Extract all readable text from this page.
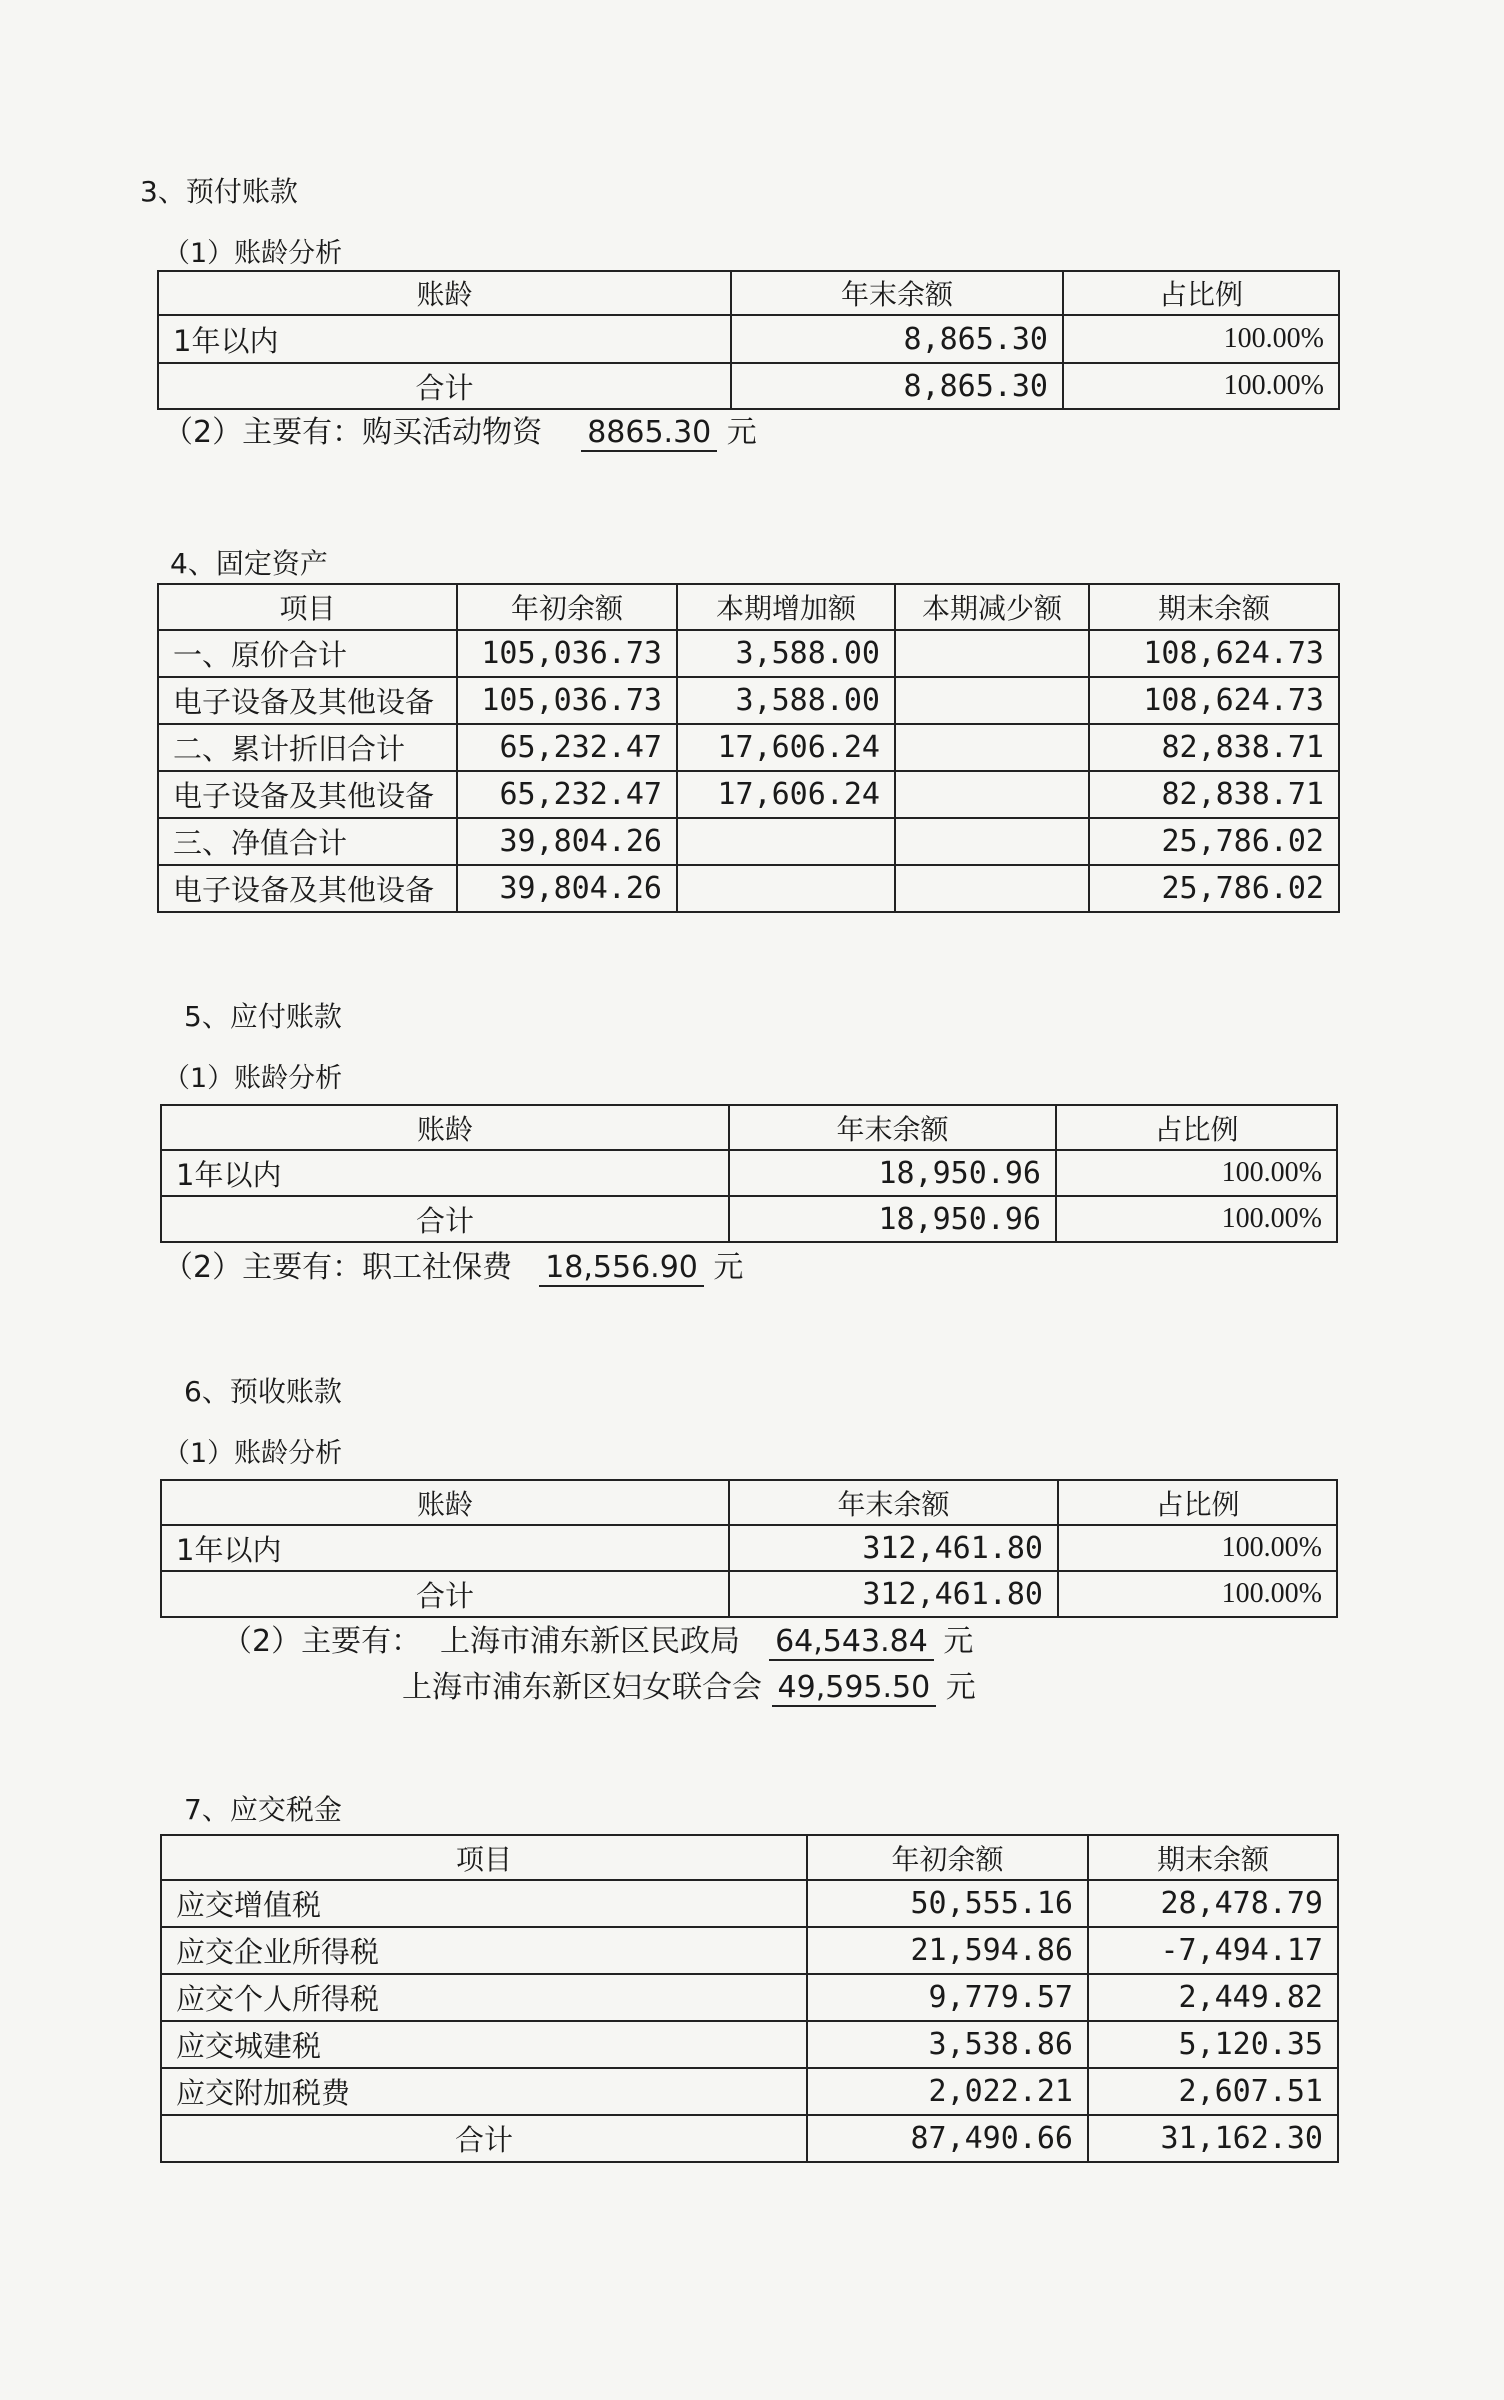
3、预付账款
（1）账龄分析
账龄	年末余额	占比例
1年以内	8,865.30	100.00%
合计	8,865.30	100.00%
（2）主要有：购买活动物资 8865.30 元
4、固定资产
项目	年初余额	本期增加额	本期减少额	期末余额
一、原价合计	105,036.73	3,588.00		108,624.73
电子设备及其他设备	105,036.73	3,588.00		108,624.73
二、累计折旧合计	65,232.47	17,606.24		82,838.71
电子设备及其他设备	65,232.47	17,606.24		82,838.71
三、净值合计	39,804.26			25,786.02
电子设备及其他设备	39,804.26			25,786.02
5、应付账款
（1）账龄分析
账龄	年末余额	占比例
1年以内	18,950.96	100.00%
合计	18,950.96	100.00%
（2）主要有：职工社保费 18,556.90 元
6、预收账款
（1）账龄分析
账龄	年末余额	占比例
1年以内	312,461.80	100.00%
合计	312,461.80	100.00%
（2）主要有： 上海市浦东新区民政局 64,543.84 元
上海市浦东新区妇女联合会 49,595.50 元
7、应交税金
项目	年初余额	期末余额
应交增值税	50,555.16	28,478.79
应交企业所得税	21,594.86	-7,494.17
应交个人所得税	9,779.57	2,449.82
应交城建税	3,538.86	5,120.35
应交附加税费	2,022.21	2,607.51
合计	87,490.66	31,162.30
